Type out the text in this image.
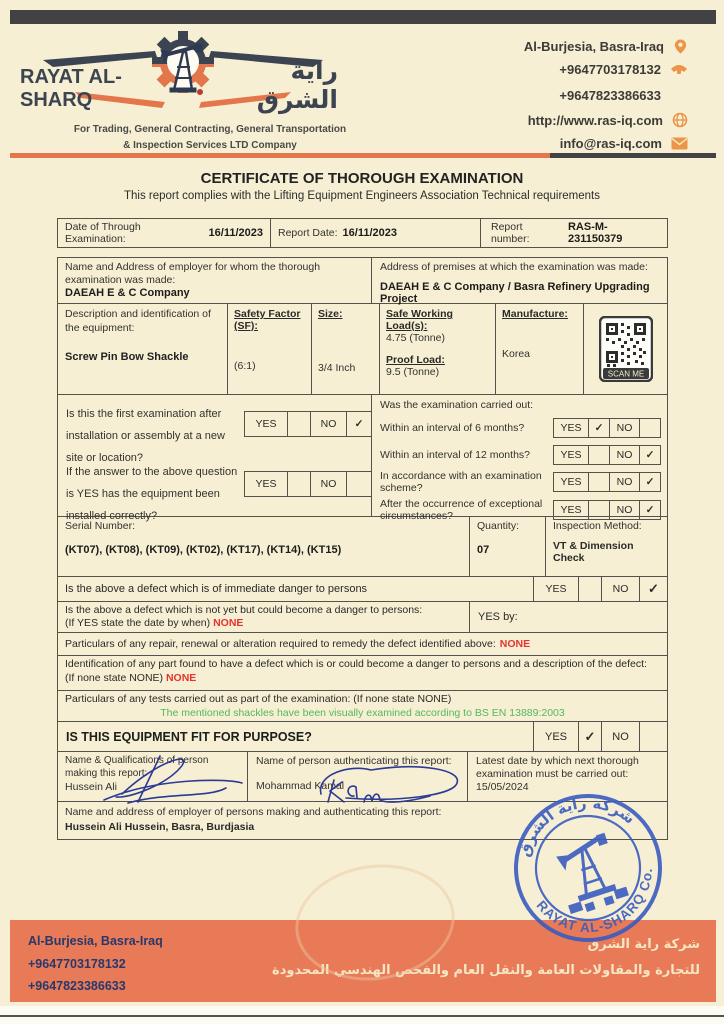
RAYAT AL-SHARQ
راية الشرق
For Trading, General Contracting, General Transportation
& Inspection Services LTD Company
Al-Burjesia, Basra-Iraq
+9647703178132
+9647823386633
http://www.ras-iq.com
info@ras-iq.com
CERTIFICATE OF THOROUGH EXAMINATION
This report complies with the Lifting Equipment Engineers Association Technical requirements
Date of Through Examination:	16/11/2023 Report Date: 16/11/2023	Report number:
RAS-M-231150379
Name and Address of employer for whom the thorough examination was made:
DAEAH E & C Company
Address of premises at which the examination was made:
DAEAH E & C Company / Basra Refinery Upgrading Project
Description and identification of the equipment:
Screw Pin Bow Shackle
Safety Factor (SF):
(6:1)
Size:
3/4 Inch
Safe Working Load(s):
4.75 (Tonne)
Proof Load:
9.5 (Tonne)
Manufacture:
Korea
SCAN ME
Is this the first examination after installation or assembly at a new site or location?
YES	NO	✓
If the answer to the above question is YES has the equipment been installed correctly?
YES	NO
Was the examination carried out:
Within an interval of 6 months?	YES	✓	NO
Within an interval of 12 months?	YES	NO	✓
In accordance with an examination scheme?	YES	NO	✓
After the occurrence of exceptional circumstances?	YES	NO	✓
Serial Number:
(KT07), (KT08), (KT09), (KT02), (KT17), (KT14), (KT15)
Quantity:
07
Inspection Method:
VT & Dimension Check
Is the above a defect which is of immediate danger to persons	YES	NO	✓
Is the above a defect which is not yet but could become a danger to persons:
(If YES state the date by when) NONE
YES by:
Particulars of any repair, renewal or alteration required to remedy the defect identified above: NONE
Identification of any part found to have a defect which is or could become a danger to persons and a description of the defect:
(If none state NONE) NONE
Particulars of any tests carried out as part of the examination: (If none state NONE)
The mentioned shackles have been visually examined according to BS EN 13889:2003
IS THIS EQUIPMENT FIT FOR PURPOSE?	YES	✓	NO
Name & Qualifications of person making this report:
Hussein Ali
Name of person authenticating this report:
Mohammad Kamal
Latest date by which next thorough examination must be carried out:
15/05/2024
Name and address of employer of persons making and authenticating this report:
Hussein Ali Hussein, Basra, Burdjasia
شركة راية الشرق
RAYAT AL-SHARQ Co.
Al-Burjesia, Basra-Iraq
+9647703178132
+9647823386633
شركة راية الشرق
للتجارة والمقاولات العامة والنقل العام والفحص الهندسي المحدودة
